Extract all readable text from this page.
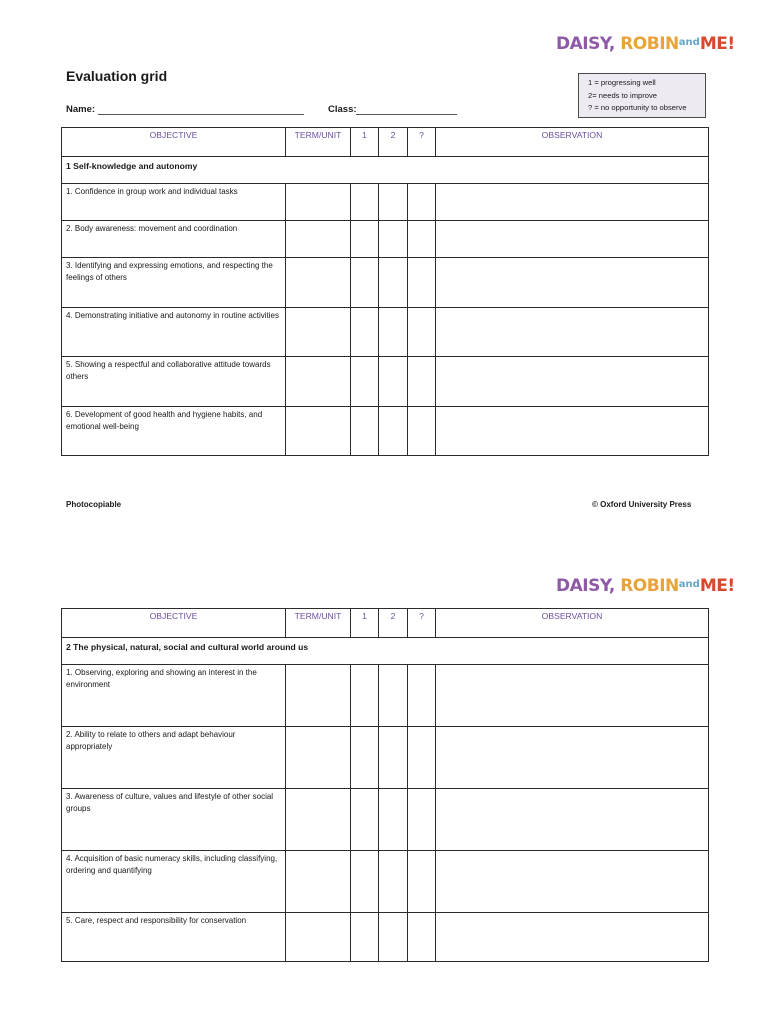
DAISY, ROBINandME!
Evaluation grid
Name:	Class:
1 = progressing well
2= needs to improve
? = no opportunity to observe
OBJECTIVE	TERM/UNIT	1	2	?	OBSERVATION
1 Self-knowledge and autonomy					
1. Confidence in group work and individual tasks					
2. Body awareness: movement and coordination					
3. Identifying and expressing emotions, and respecting the feelings of others					
4. Demonstrating initiative and autonomy in routine activities					
5. Showing a respectful and collaborative attitude towards others					
6. Development of good health and hygiene habits, and emotional well-being					
Photocopiable	© Oxford University Press
DAISY, ROBINandME!
OBJECTIVE	TERM/UNIT	1	2	?	OBSERVATION
2 The physical, natural, social and cultural world around us					
1. Observing, exploring and showing an interest in the environment					
2. Ability to relate to others and adapt behaviour appropriately					
3. Awareness of culture, values and lifestyle of other social groups					
4. Acquisition of basic numeracy skills, including classifying, ordering and quantifying					
5. Care, respect and responsibility for conservation					
